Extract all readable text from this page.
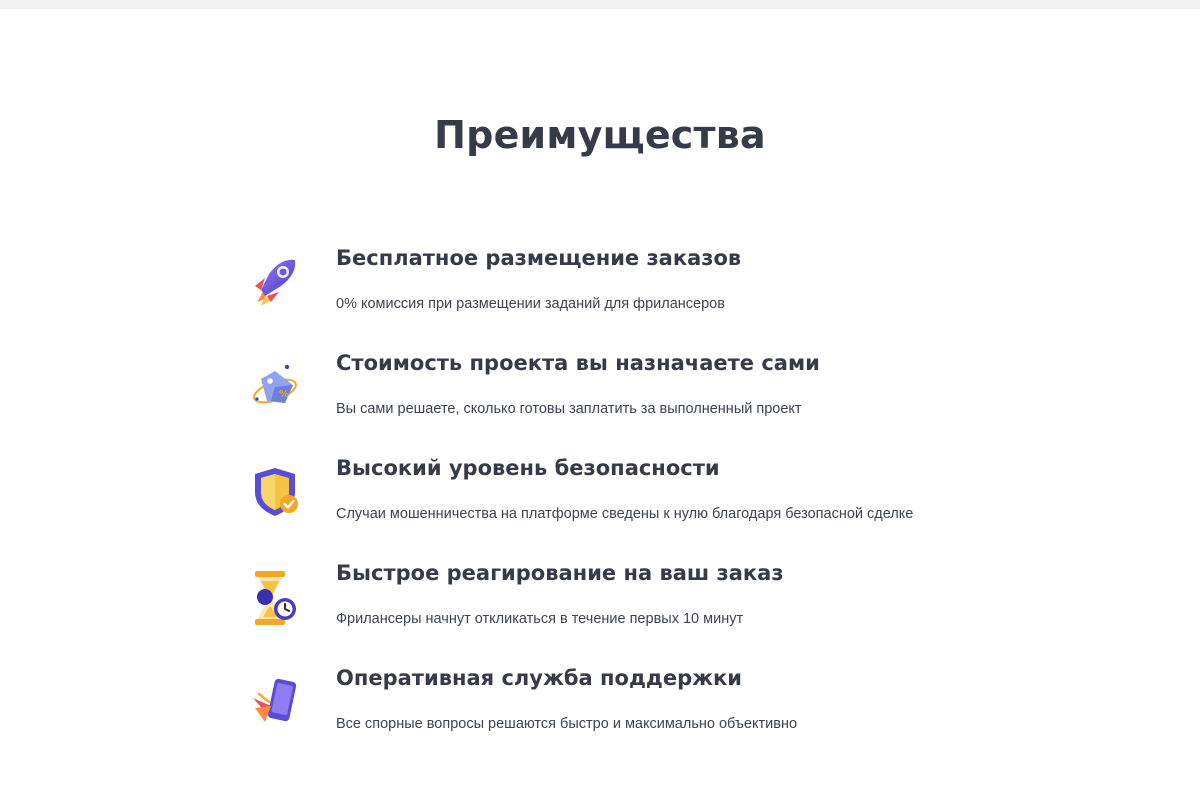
Преимущества
Бесплатное размещение заказов

0% комиссия при размещении заданий для фрилансеров

%
Стоимость проекта вы назначаете сами

Вы сами решаете, сколько готовы заплатить за выполненный проект

Высокий уровень безопасности

Случаи мошенничества на платформе сведены к нулю благодаря безопасной сделке

Быстрое реагирование на ваш заказ

Фрилансеры начнут откликаться в течение первых 10 минут

Оперативная служба поддержки

Все спорные вопросы решаются быстро и максимально объективно
